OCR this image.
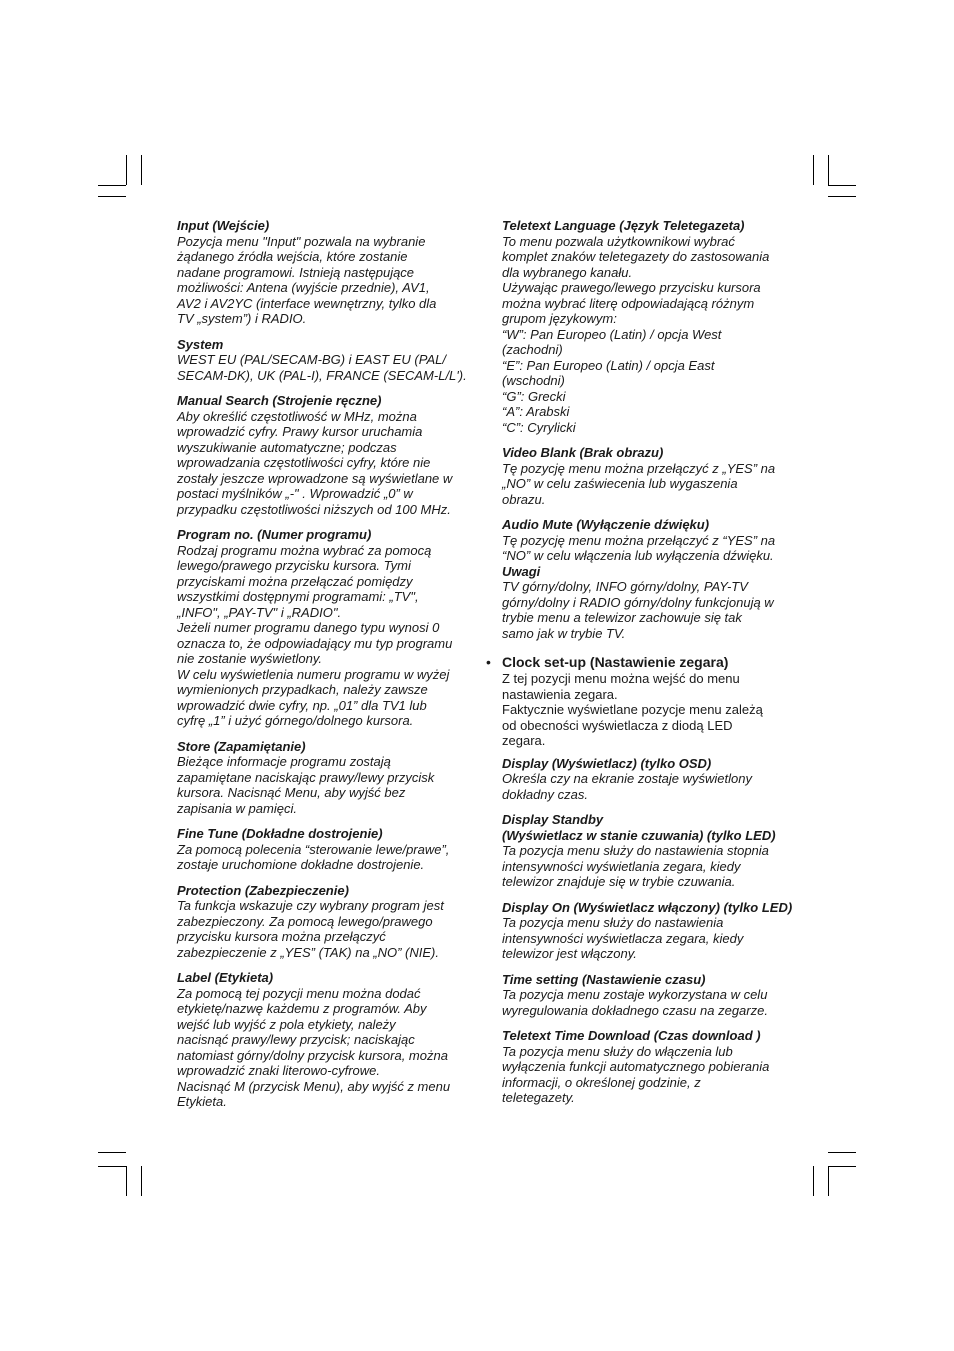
Input (Wejście)

Pozycja menu "Input" pozwala na wybranie
żądanego źródła wejścia, które zostanie
nadane programowi. Istnieją następujące
możliwości: Antena (wyjście przednie), AV1,
AV2 i AV2YC (interface wewnętrzny, tylko dla
TV „system”) i RADIO.

System

WEST EU (PAL/SECAM-BG) i EAST EU (PAL/
SECAM-DK), UK (PAL-I), FRANCE (SECAM-L/L').

Manual Search (Strojenie ręczne)

Aby określić częstotliwość w MHz, można
wprowadzić cyfry. Prawy kursor uruchamia
wyszukiwanie automatyczne; podczas
wprowadzania częstotliwości cyfry, które nie
zostały jeszcze wprowadzone są wyświetlane w
postaci myślników „-" . Wprowadzić „0” w
przypadku częstotliwości niższych od 100 MHz.

Program no. (Numer programu)

Rodzaj programu można wybrać za pomocą
lewego/prawego przycisku kursora. Tymi
przyciskami można przełączać pomiędzy
wszystkimi dostępnymi programami: „TV",
„INFO", „PAY-TV" i „RADIO".
Jeżeli numer programu danego typu wynosi 0
oznacza to, że odpowiadający mu typ programu
nie zostanie wyświetlony.
W celu wyświetlenia numeru programu w wyżej
wymienionych przypadkach, należy zawsze
wprowadzić dwie cyfry, np. „01” dla TV1 lub
cyfrę „1” i użyć górnego/dolnego kursora.

Store (Zapamiętanie)

Bieżące informacje programu zostają
zapamiętane naciskając prawy/lewy przycisk
kursora. Nacisnąć Menu, aby wyjść bez
zapisania w pamięci.

Fine Tune (Dokładne dostrojenie)

Za pomocą polecenia “sterowanie lewe/prawe”,
zostaje uruchomione dokładne dostrojenie.

Protection (Zabezpieczenie)

Ta funkcja wskazuje czy wybrany program jest
zabezpieczony. Za pomocą lewego/prawego
przycisku kursora można przełączyć
zabezpieczenie z „YES” (TAK) na „NO” (NIE).

Label (Etykieta)

Za pomocą tej pozycji menu można dodać
etykietę/nazwę każdemu z programów. Aby
wejść lub wyjść z pola etykiety, należy
nacisnąć prawy/lewy przycisk; naciskając
natomiast górny/dolny przycisk kursora, można
wprowadzić znaki literowo-cyfrowe.
Nacisnąć M (przycisk Menu), aby wyjść z menu
Etykieta.

Teletext Language (Język Teletegazeta)

To menu pozwala użytkownikowi wybrać
komplet znaków teletegazety do zastosowania
dla wybranego kanału.
Używając prawego/lewego przycisku kursora
można wybrać literę odpowiadającą różnym
grupom językowym:
“W”: Pan Europeo (Latin) / opcja West
(zachodni)
“E”: Pan Europeo (Latin) / opcja East
(wschodni)
“G”: Grecki
“A”: Arabski
“C”: Cyrylicki

Video Blank (Brak obrazu)

Tę pozycję menu można przełączyć z „YES” na
„NO” w celu zaświecenia lub wygaszenia
obrazu.

Audio Mute (Wyłączenie dźwięku)

Tę pozycję menu można przełączyć z “YES” na
“NO” w celu włączenia lub wyłączenia dźwięku.

Uwagi

TV górny/dolny, INFO górny/dolny, PAY-TV
górny/dolny i RADIO górny/dolny funkcjonują w
trybie menu a telewizor zachowuje się tak
samo jak w trybie TV.

• Clock set-up (Nastawienie zegara)

Z tej pozycji menu można wejść do menu
nastawienia zegara.
Faktycznie wyświetlane pozycje menu zależą
od obecności wyświetlacza z diodą LED
zegara.

Display (Wyświetlacz) (tylko OSD)

Określa czy na ekranie zostaje wyświetlony
dokładny czas.

Display Standby
(Wyświetlacz w stanie czuwania) (tylko LED)

Ta pozycja menu służy do nastawienia stopnia
intensywności wyświetlania zegara, kiedy
telewizor znajduje się w trybie czuwania.

Display On (Wyświetlacz włączony) (tylko LED)

Ta pozycja menu służy do nastawienia
intensywności wyświetlacza zegara, kiedy
telewizor jest włączony.

Time setting (Nastawienie czasu)

Ta pozycja menu zostaje wykorzystana w celu
wyregulowania dokładnego czasu na zegarze.

Teletext Time Download (Czas download )

Ta pozycja menu służy do włączenia lub
wyłączenia funkcji automatycznego pobierania
informacji, o określonej godzinie, z
teletegazety.
